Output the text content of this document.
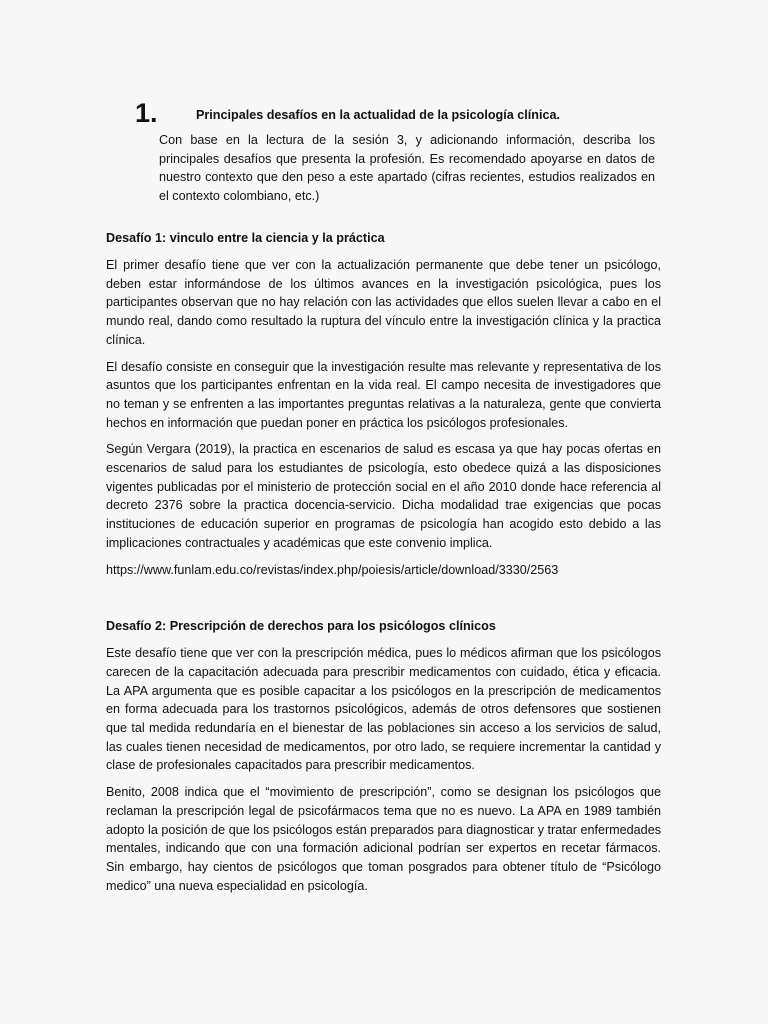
1.	Principales desafíos en la actualidad de la psicología clínica.
Con base en la lectura de la sesión 3, y adicionando información, describa los principales desafíos que presenta la profesión. Es recomendado apoyarse en datos de nuestro contexto que den peso a este apartado (cifras recientes, estudios realizados en el contexto colombiano, etc.)
Desafío 1: vinculo entre la ciencia y la práctica
El primer desafío tiene que ver con la actualización permanente que debe tener un psicólogo, deben estar informándose de los últimos avances en la investigación psicológica, pues los participantes observan que no hay relación con las actividades que ellos suelen llevar a cabo en el mundo real, dando como resultado la ruptura del vínculo entre la investigación clínica y la practica clínica.
El desafío consiste en conseguir que la investigación resulte mas relevante y representativa de los asuntos que los participantes enfrentan en la vida real. El campo necesita de investigadores que no teman y se enfrenten a las importantes preguntas relativas a la naturaleza, gente que convierta hechos en información que puedan poner en práctica los psicólogos profesionales.
Según Vergara (2019), la practica en escenarios de salud es escasa ya que hay pocas ofertas en escenarios de salud para los estudiantes de psicología, esto obedece quizá a las disposiciones vigentes publicadas por el ministerio de protección social en el año 2010 donde hace referencia al decreto 2376 sobre la practica docencia-servicio. Dicha modalidad trae exigencias que pocas instituciones de educación superior en programas de psicología han acogido esto debido a las implicaciones contractuales y académicas que este convenio implica.
https://www.funlam.edu.co/revistas/index.php/poiesis/article/download/3330/2563
Desafío 2: Prescripción de derechos para los psicólogos clínicos
Este desafío tiene que ver con la prescripción médica, pues lo médicos afirman que los psicólogos carecen de la capacitación adecuada para prescribir medicamentos con cuidado, ética y eficacia. La APA argumenta que es posible capacitar a los psicólogos en la prescripción de medicamentos en forma adecuada para los trastornos psicológicos, además de otros defensores que sostienen que tal medida redundaría en el bienestar de las poblaciones sin acceso a los servicios de salud, las cuales tienen necesidad de medicamentos, por otro lado, se requiere incrementar la cantidad y clase de profesionales capacitados para prescribir medicamentos.
Benito, 2008 indica que el “movimiento de prescripción”, como se designan los psicólogos que reclaman la prescripción legal de psicofármacos tema que no es nuevo. La APA en 1989 también adopto la posición de que los psicólogos están preparados para diagnosticar y tratar enfermedades mentales, indicando que con una formación adicional podrían ser expertos en recetar fármacos. Sin embargo, hay cientos de psicólogos que toman posgrados para obtener título de “Psicólogo medico” una nueva especialidad en psicología.
